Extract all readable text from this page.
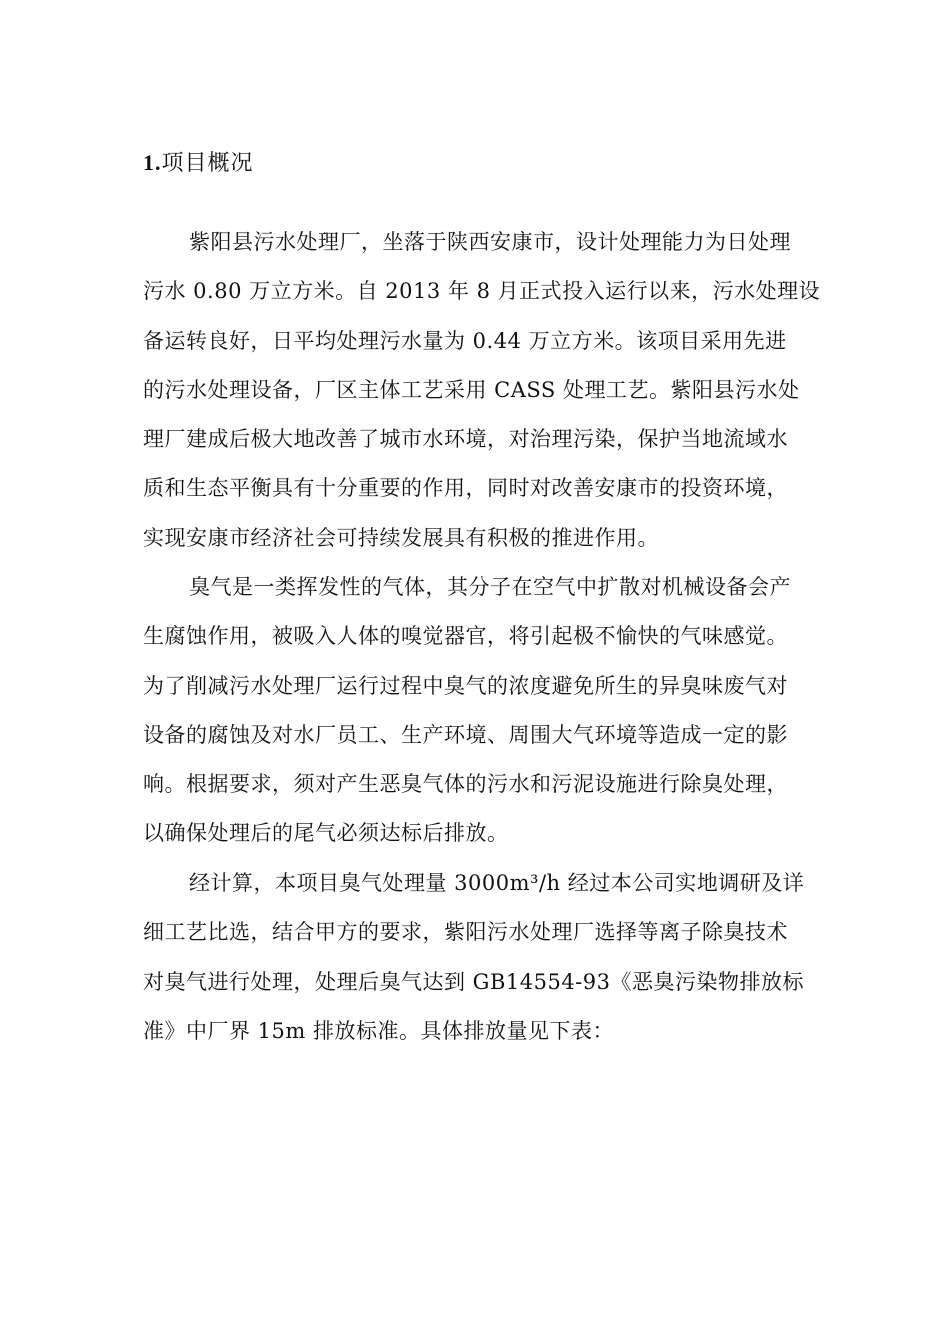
1.项目概况
紫阳县污水处理厂，坐落于陕西安康市，设计处理能力为日处理
污水 0.80 万立方米。自 2013 年 8 月正式投入运行以来，污水处理设
备运转良好，日平均处理污水量为 0.44 万立方米。该项目采用先进
的污水处理设备，厂区主体工艺采用 CASS 处理工艺。紫阳县污水处
理厂建成后极大地改善了城市水环境，对治理污染，保护当地流域水
质和生态平衡具有十分重要的作用，同时对改善安康市的投资环境，
实现安康市经济社会可持续发展具有积极的推进作用。
臭气是一类挥发性的气体，其分子在空气中扩散对机械设备会产
生腐蚀作用，被吸入人体的嗅觉器官，将引起极不愉快的气味感觉。
为了削减污水处理厂运行过程中臭气的浓度避免所生的异臭味废气对
设备的腐蚀及对水厂员工、生产环境、周围大气环境等造成一定的影
响。根据要求，须对产生恶臭气体的污水和污泥设施进行除臭处理，
以确保处理后的尾气必须达标后排放。
经计算，本项目臭气处理量 3000m³/h 经过本公司实地调研及详
细工艺比选，结合甲方的要求，紫阳污水处理厂选择等离子除臭技术
对臭气进行处理，处理后臭气达到 GB14554-93《恶臭污染物排放标
准》中厂界 15m 排放标准。具体排放量见下表：
